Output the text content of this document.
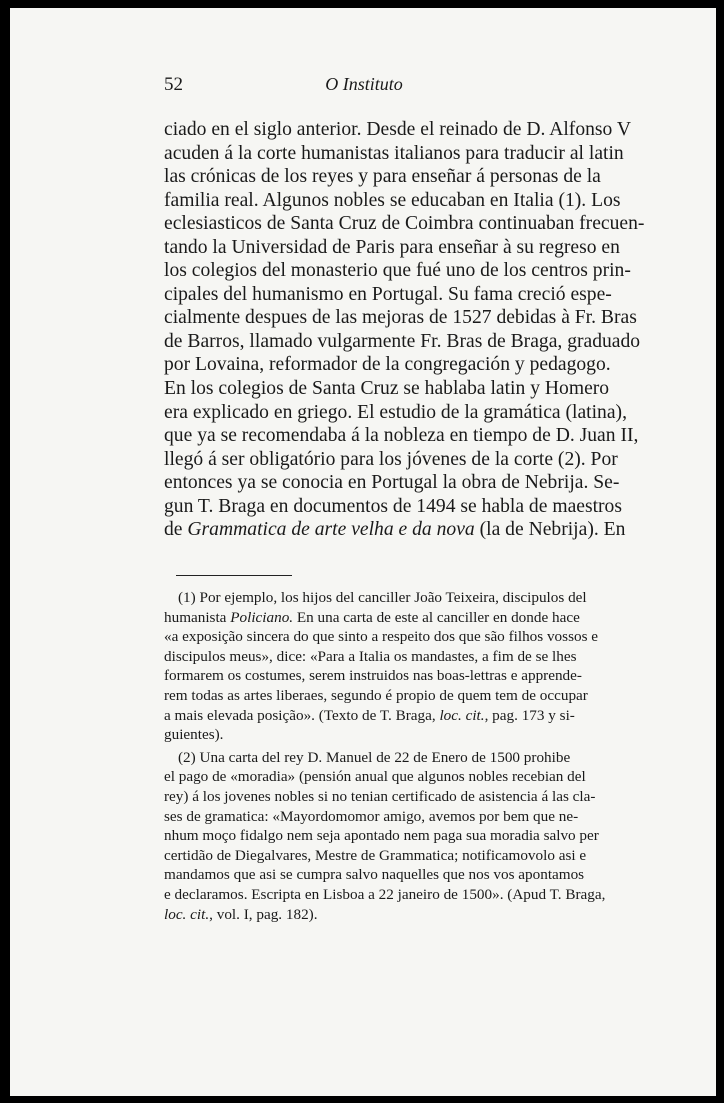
52	O Instituto
ciado en el siglo anterior. Desde el reinado de D. Alfonso V
acuden á la corte humanistas italianos para traducir al latin
las crónicas de los reyes y para enseñar á personas de la
familia real. Algunos nobles se educaban en Italia (1). Los
eclesiasticos de Santa Cruz de Coimbra continuaban frecuen-
tando la Universidad de Paris para enseñar à su regreso en
los colegios del monasterio que fué uno de los centros prin-
cipales del humanismo en Portugal. Su fama creció espe-
cialmente despues de las mejoras de 1527 debidas à Fr. Bras
de Barros, llamado vulgarmente Fr. Bras de Braga, graduado
por Lovaina, reformador de la congregación y pedagogo.
En los colegios de Santa Cruz se hablaba latin y Homero
era explicado en griego. El estudio de la gramática (latina),
que ya se recomendaba á la nobleza en tiempo de D. Juan II,
llegó á ser obligatório para los jóvenes de la corte (2). Por
entonces ya se conocia en Portugal la obra de Nebrija. Se-
gun T. Braga en documentos de 1494 se habla de maestros
de Grammatica de arte velha e da nova (la de Nebrija). En
(1) Por ejemplo, los hijos del canciller João Teixeira, discipulos del
humanista Policiano. En una carta de este al canciller en donde hace
«a exposição sincera do que sinto a respeito dos que são filhos vossos e
discipulos meus», dice: «Para a Italia os mandastes, a fim de se lhes
formarem os costumes, serem instruidos nas boas-lettras e apprende-
rem todas as artes liberaes, segundo é propio de quem tem de occupar
a mais elevada posição». (Texto de T. Braga, loc. cit., pag. 173 y si-
guientes).
(2) Una carta del rey D. Manuel de 22 de Enero de 1500 prohibe
el pago de «moradia» (pensión anual que algunos nobles recebian del
rey) á los jovenes nobles si no tenian certificado de asistencia á las cla-
ses de gramatica: «Mayordomomor amigo, avemos por bem que ne-
nhum moço fidalgo nem seja apontado nem paga sua moradia salvo per
certidão de Diegalvares, Mestre de Grammatica; notificamovolo asi e
mandamos que asi se cumpra salvo naquelles que nos vos apontamos
e declaramos. Escripta en Lisboa a 22 janeiro de 1500». (Apud T. Braga,
loc. cit., vol. I, pag. 182).
